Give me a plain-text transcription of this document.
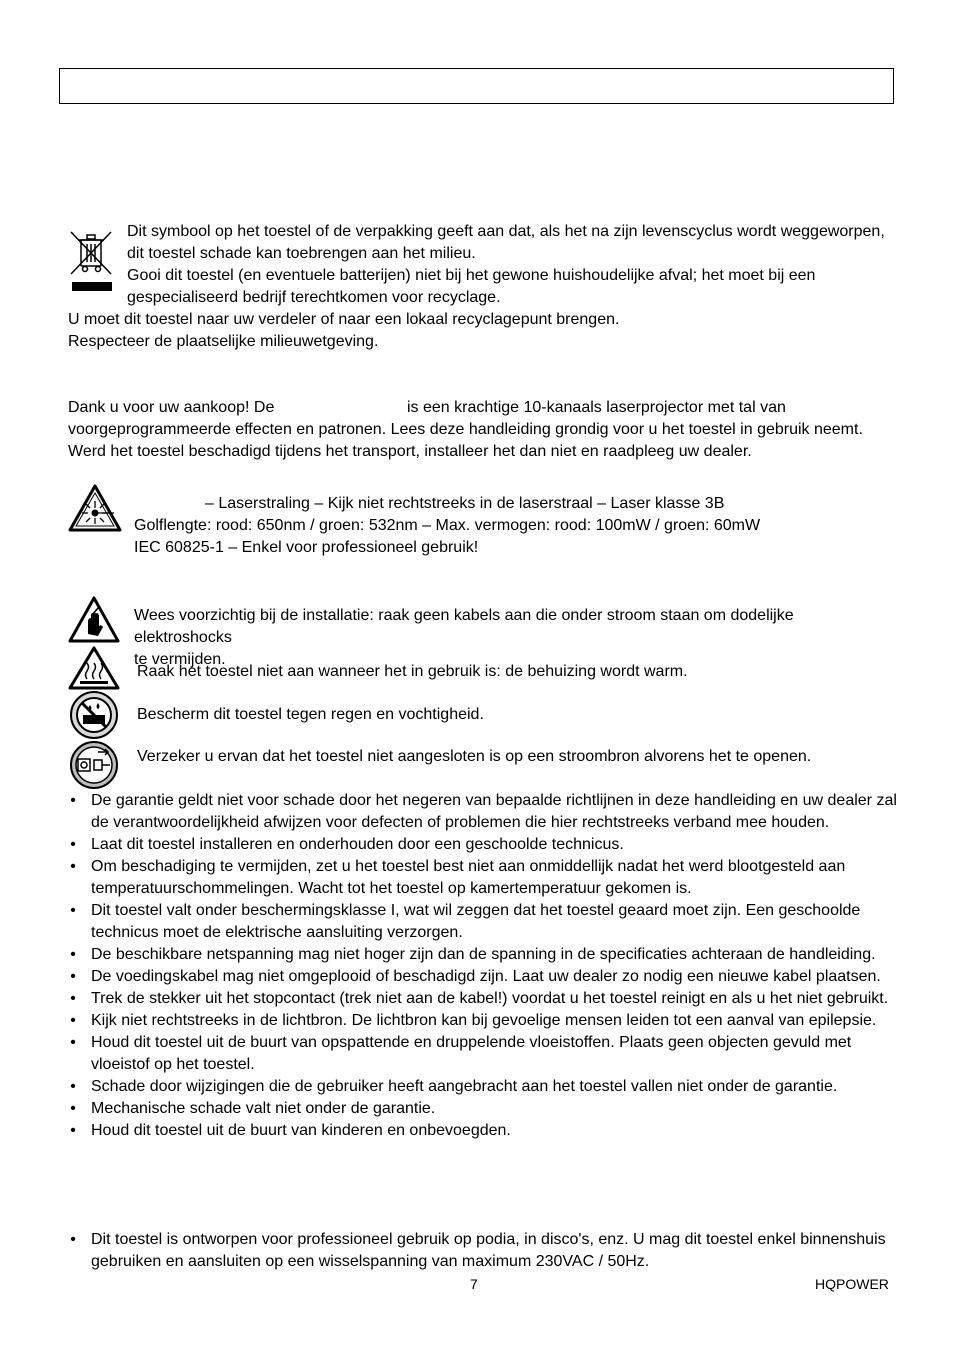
Dit symbool op het toestel of de verpakking geeft aan dat, als het na zijn levenscyclus wordt weggeworpen,
dit toestel schade kan toebrengen aan het milieu.
Gooi dit toestel (en eventuele batterijen) niet bij het gewone huishoudelijke afval; het moet bij een
gespecialiseerd bedrijf terechtkomen voor recyclage.
U moet dit toestel naar uw verdeler of naar een lokaal recyclagepunt brengen.
Respecteer de plaatselijke milieuwetgeving.
Dank u voor uw aankoop! De	is een krachtige 10-kanaals laserprojector met tal van
voorgeprogrammeerde effecten en patronen. Lees deze handleiding grondig voor u het toestel in gebruik neemt.
Werd het toestel beschadigd tijdens het transport, installeer het dan niet en raadpleeg uw dealer.
– Laserstraling – Kijk niet rechtstreeks in de laserstraal – Laser klasse 3B
Golflengte: rood: 650nm / groen: 532nm – Max. vermogen: rood: 100mW / groen: 60mW
IEC 60825-1 – Enkel voor professioneel gebruik!
Wees voorzichtig bij de installatie: raak geen kabels aan die onder stroom staan om dodelijke elektroshocks
te vermijden.
Raak het toestel niet aan wanneer het in gebruik is: de behuizing wordt warm.
Bescherm dit toestel tegen regen en vochtigheid.
Verzeker u ervan dat het toestel niet aangesloten is op een stroombron alvorens het te openen.
• De garantie geldt niet voor schade door het negeren van bepaalde richtlijnen in deze handleiding en uw dealer zal
de verantwoordelijkheid afwijzen voor defecten of problemen die hier rechtstreeks verband mee houden.
• Laat dit toestel installeren en onderhouden door een geschoolde technicus.
• Om beschadiging te vermijden, zet u het toestel best niet aan onmiddellijk nadat het werd blootgesteld aan
temperatuurschommelingen. Wacht tot het toestel op kamertemperatuur gekomen is.
• Dit toestel valt onder beschermingsklasse I, wat wil zeggen dat het toestel geaard moet zijn. Een geschoolde
technicus moet de elektrische aansluiting verzorgen.
• De beschikbare netspanning mag niet hoger zijn dan de spanning in de specificaties achteraan de handleiding.
• De voedingskabel mag niet omgeplooid of beschadigd zijn. Laat uw dealer zo nodig een nieuwe kabel plaatsen.
• Trek de stekker uit het stopcontact (trek niet aan de kabel!) voordat u het toestel reinigt en als u het niet gebruikt.
• Kijk niet rechtstreeks in de lichtbron. De lichtbron kan bij gevoelige mensen leiden tot een aanval van epilepsie.
• Houd dit toestel uit de buurt van opspattende en druppelende vloeistoffen. Plaats geen objecten gevuld met
vloeistof op het toestel.
• Schade door wijzigingen die de gebruiker heeft aangebracht aan het toestel vallen niet onder de garantie.
• Mechanische schade valt niet onder de garantie.
• Houd dit toestel uit de buurt van kinderen en onbevoegden.
• Dit toestel is ontworpen voor professioneel gebruik op podia, in disco's, enz. U mag dit toestel enkel binnenshuis
gebruiken en aansluiten op een wisselspanning van maximum 230VAC / 50Hz.
7	HQPOWER
